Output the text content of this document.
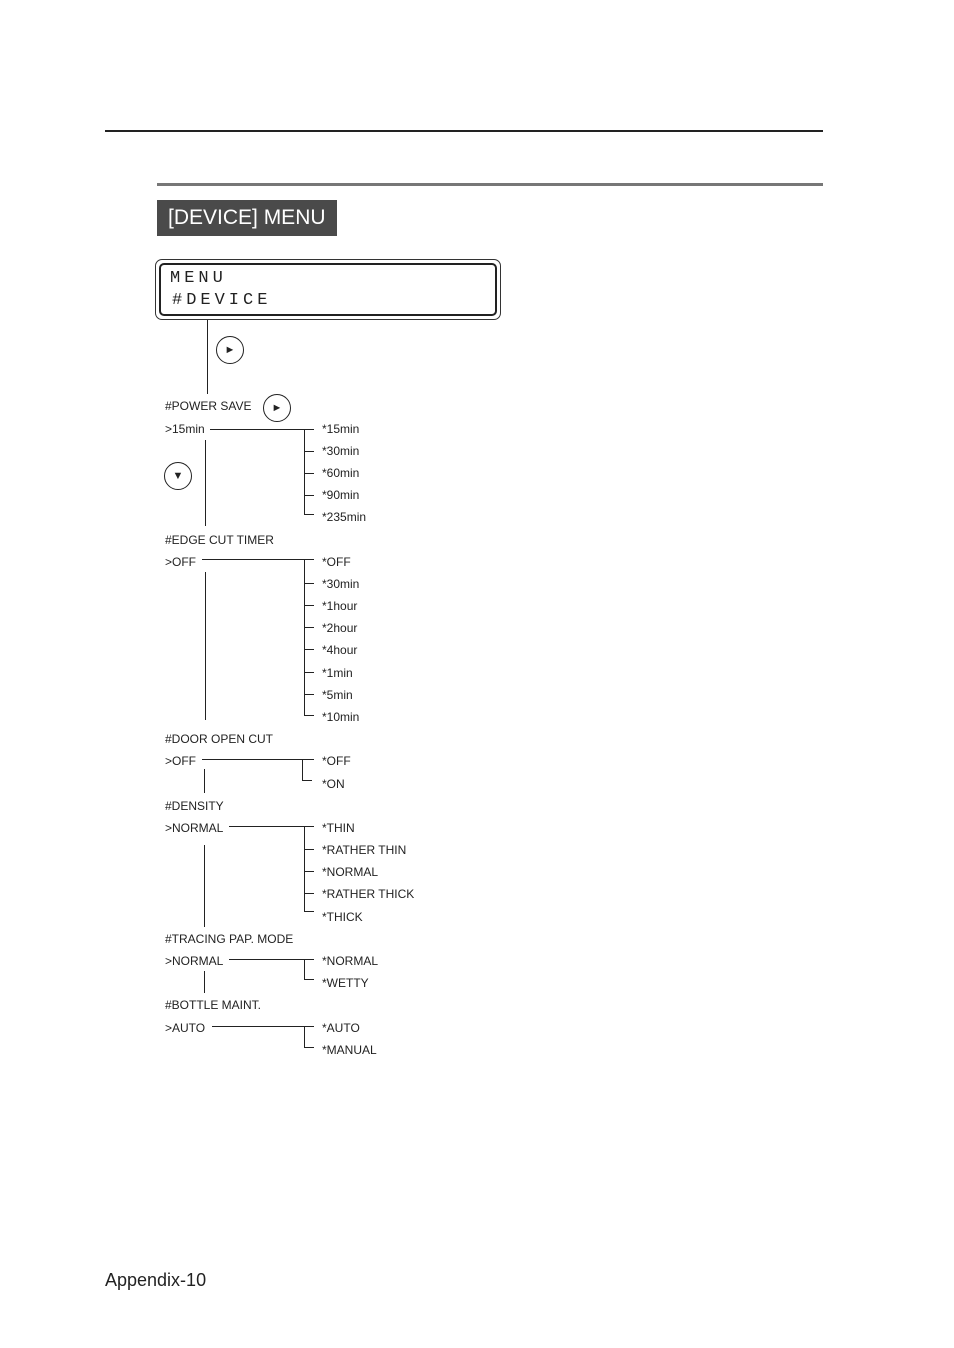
[DEVICE] MENU
MENU
#DEVICE
►
►
▼
#POWER SAVE
>15min	*15min
*30min
*60min
*90min
*235min
#EDGE CUT TIMER
>OFF	*OFF
*30min
*1hour
*2hour
*4hour
*1min
*5min
*10min
#DOOR OPEN CUT
>OFF	*OFF
*ON
#DENSITY
>NORMAL	*THIN
*RATHER THIN
*NORMAL
*RATHER THICK
*THICK
#TRACING PAP. MODE
>NORMAL	*NORMAL
*WETTY
#BOTTLE MAINT.
>AUTO	*AUTO
*MANUAL
Appendix-10
